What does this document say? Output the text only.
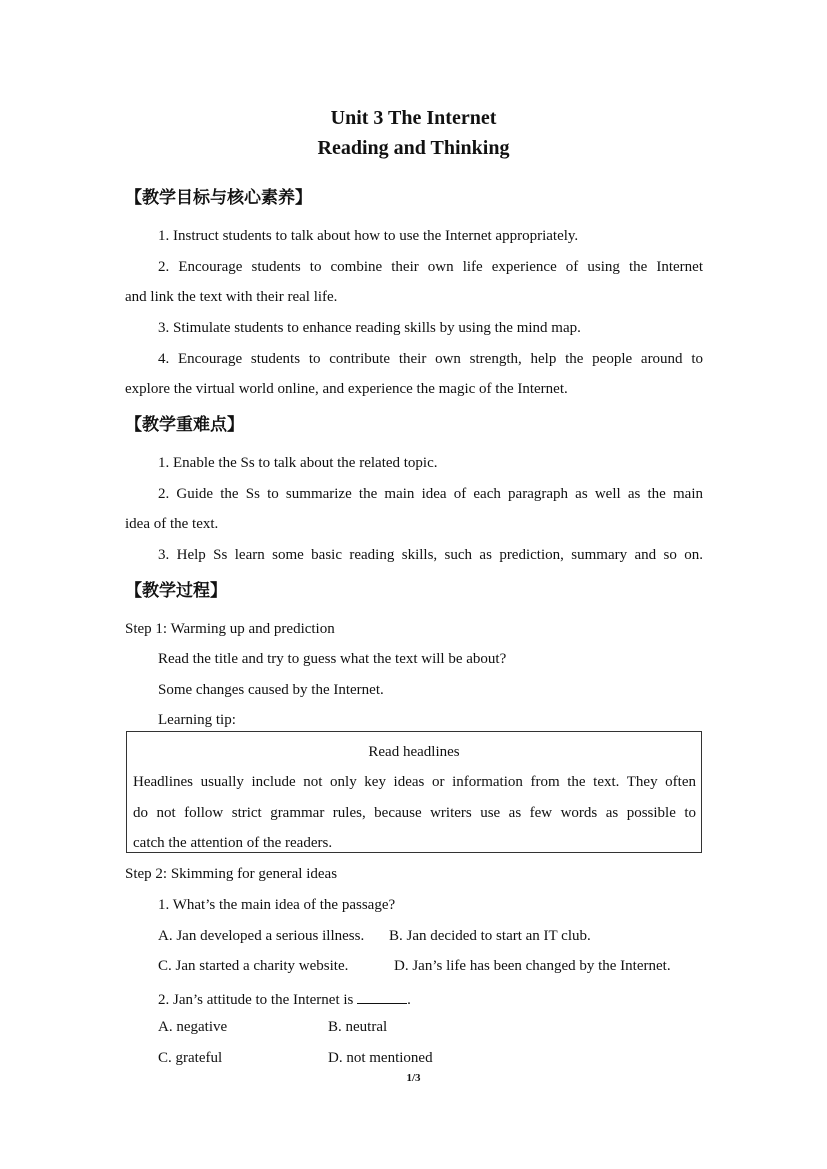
Unit 3 The Internet
Reading and Thinking
【教学目标与核心素养】
1. Instruct students to talk about how to use the Internet appropriately.
2. Encourage students to combine their own life experience of using the Internet
and link the text with their real life.
3. Stimulate students to enhance reading skills by using the mind map.
4. Encourage students to contribute their own strength, help the people around to
explore the virtual world online, and experience the magic of the Internet.
【教学重难点】
1. Enable the Ss to talk about the related topic.
2. Guide the Ss to summarize the main idea of each paragraph as well as the main
idea of the text.
3. Help Ss learn some basic reading skills, such as prediction, summary and so on.
【教学过程】
Step 1: Warming up and prediction
Read the title and try to guess what the text will be about?
Some changes caused by the Internet.
Learning tip:
Read headlines
Headlines usually include not only key ideas or information from the text. They often
do not follow strict grammar rules, because writers use as few words as possible to
catch the attention of the readers.
Step 2: Skimming for general ideas
1. What’s the main idea of the passage?
A. Jan developed a serious illness. B. Jan decided to start an IT club.
C. Jan started a charity website.	D. Jan’s life has been changed by the Internet.
2. Jan’s attitude to the Internet is	.
A. negative	B. neutral
C. grateful	D. not mentioned
1/3
